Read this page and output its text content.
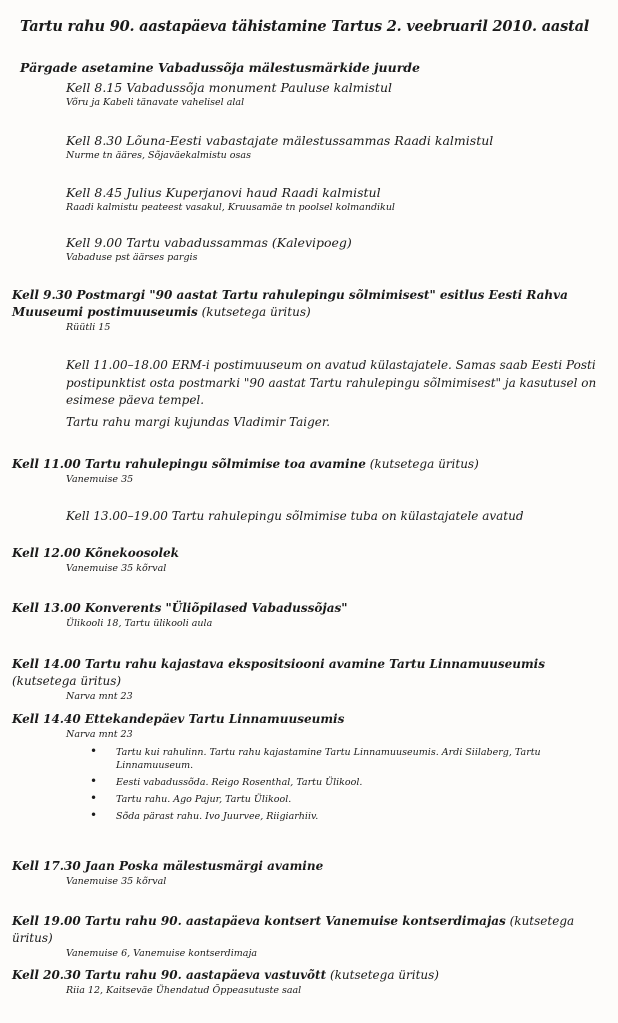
Tartu rahu 90. aastapäeva tähistamine Tartus 2. veebruaril 2010. aastal
Pärgade asetamine Vabadussõja mälestusmärkide juurde
Kell 8.15 Vabadussõja monument Pauluse kalmistul
Võru ja Kabeli tänavate vahelisel alal
Kell 8.30 Lõuna-Eesti vabastajate mälestussammas Raadi kalmistul
Nurme tn ääres, Sõjaväekalmistu osas
Kell 8.45 Julius Kuperjanovi haud Raadi kalmistul
Raadi kalmistu peateest vasakul, Kruusamäe tn poolsel kolmandikul
Kell 9.00 Tartu vabadussammas (Kalevipoeg)
Vabaduse pst äärses pargis
Kell 9.30 Postmargi "90 aastat Tartu rahulepingu sõlmimisest" esitlus Eesti Rahva Muuseumi postimuuseumis (kutsetega üritus)
Rüütli 15
Kell 11.00–18.00 ERM-i postimuuseum on avatud külastajatele. Samas saab Eesti Posti postipunktist osta postmarki "90 aastat Tartu rahulepingu sõlmimisest" ja kasutusel on esimese päeva tempel.
Tartu rahu margi kujundas Vladimir Taiger.
Kell 11.00 Tartu rahulepingu sõlmimise toa avamine (kutsetega üritus)
Vanemuise 35
Kell 13.00–19.00 Tartu rahulepingu sõlmimise tuba on külastajatele avatud
Kell 12.00 Kõnekoosolek
Vanemuise 35 kõrval
Kell 13.00 Konverents "Üliõpilased Vabadussõjas"
Ülikooli 18, Tartu ülikooli aula
Kell 14.00 Tartu rahu kajastava ekspositsiooni avamine Tartu Linnamuuseumis (kutsetega üritus)
Narva mnt 23
Kell 14.40 Ettekandepäev Tartu Linnamuuseumis
Narva mnt 23
• Tartu kui rahulinn. Tartu rahu kajastamine Tartu Linnamuuseumis. Ardi Siilaberg, Tartu Linnamuuseum.
• Eesti vabadussõda. Reigo Rosenthal, Tartu Ülikool.
• Tartu rahu. Ago Pajur, Tartu Ülikool.
• Sõda pärast rahu. Ivo Juurvee, Riigiarhiiv.
Kell 17.30 Jaan Poska mälestusmärgi avamine
Vanemuise 35 kõrval
Kell 19.00 Tartu rahu 90. aastapäeva kontsert Vanemuise kontserdimajas (kutsetega üritus)
Vanemuise 6, Vanemuise kontserdimaja
Kell 20.30 Tartu rahu 90. aastapäeva vastuvõtt (kutsetega üritus)
Riia 12, Kaitseväe Ühendatud Õppeasutuste saal
